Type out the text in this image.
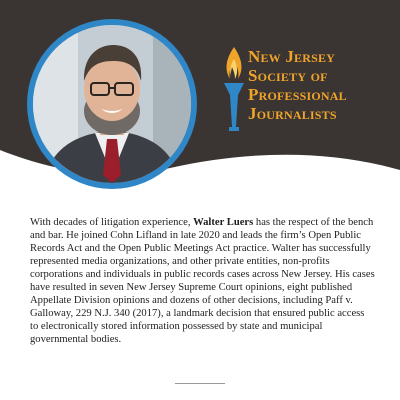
New Jersey
Society of
Professional
Journalists
With decades of litigation experience, Walter Luers has the respect of the bench and bar. He joined Cohn Lifland in late 2020 and leads the firm’s Open Public Records Act and the Open Public Meetings Act practice. Walter has successfully represented media organizations, and other private entities, non-profits corporations and individuals in public records cases across New Jersey. His cases have resulted in seven New Jersey Supreme Court opinions, eight published Appellate Division opinions and dozens of other decisions, including Paff v. Galloway, 229 N.J. 340 (2017), a landmark decision that ensured public access to electronically stored information possessed by state and municipal governmental bodies.
